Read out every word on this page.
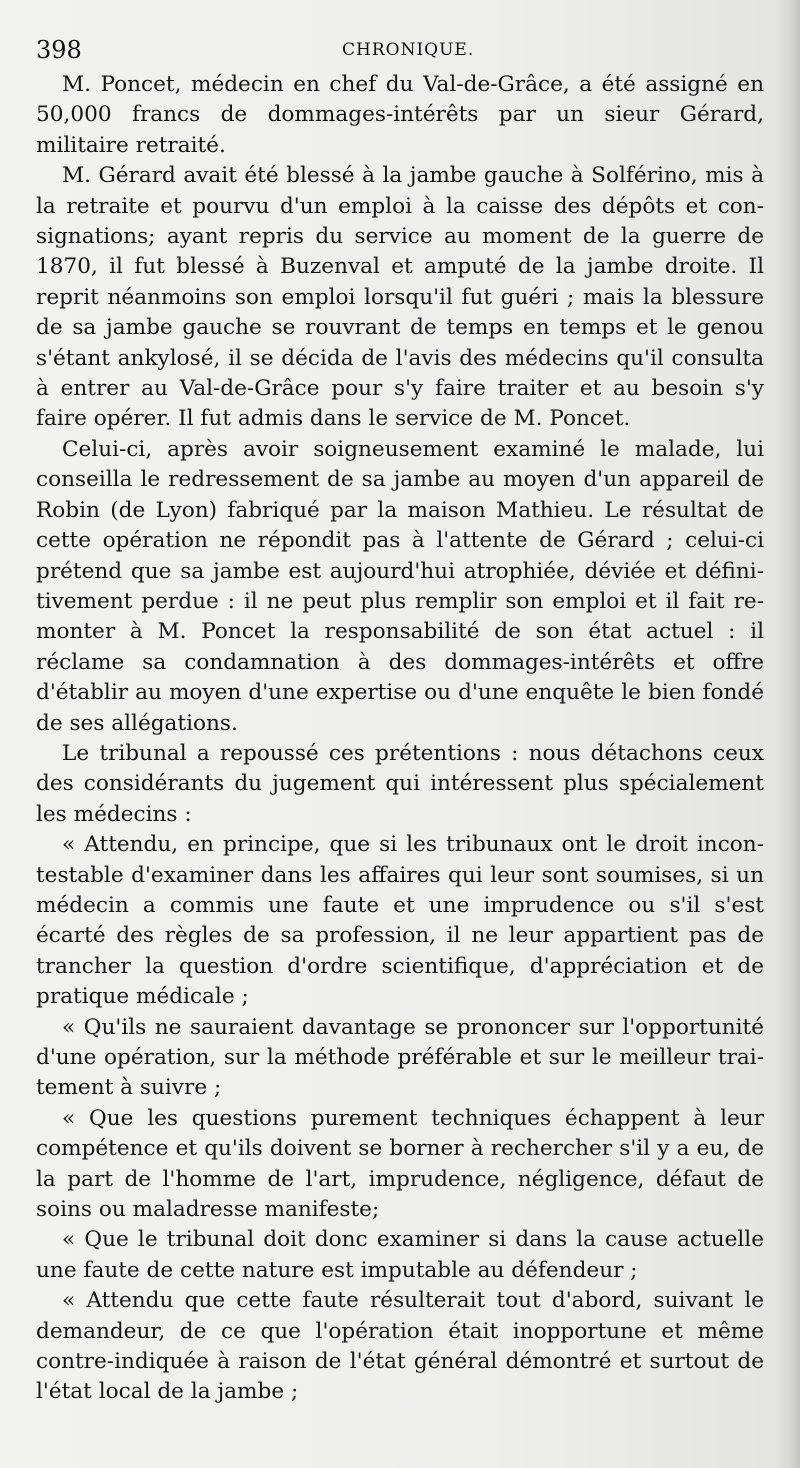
398	CHRONIQUE.

M. Poncet, médecin en chef du Val-de-Grâce, a été assigné en 50,000 francs de dommages-intérêts par un sieur Gérard, militaire retraité.

M. Gérard avait été blessé à la jambe gauche à Solférino, mis à la retraite et pourvu d'un emploi à la caisse des dépôts et consignations; ayant repris du service au moment de la guerre de 1870, il fut blessé à Buzenval et amputé de la jambe droite. Il reprit néanmoins son emploi lorsqu'il fut guéri ; mais la blessure de sa jambe gauche se rouvrant de temps en temps et le genou s'étant ankylosé, il se décida de l'avis des médecins qu'il consulta à entrer au Val-de-Grâce pour s'y faire traiter et au besoin s'y faire opérer. Il fut admis dans le service de M. Poncet.

Celui-ci, après avoir soigneusement examiné le malade, lui conseilla le redressement de sa jambe au moyen d'un appareil de Robin (de Lyon) fabriqué par la maison Mathieu. Le résultat de cette opération ne répondit pas à l'attente de Gérard ; celui-ci prétend que sa jambe est aujourd'hui atrophiée, déviée et définitivement perdue : il ne peut plus remplir son emploi et il fait remonter à M. Poncet la responsabilité de son état actuel : il réclame sa condamnation à des dommages-intérêts et offre d'établir au moyen d'une expertise ou d'une enquête le bien fondé de ses allégations.

Le tribunal a repoussé ces prétentions : nous détachons ceux des considérants du jugement qui intéressent plus spécialement les médecins :

« Attendu, en principe, que si les tribunaux ont le droit incontestable d'examiner dans les affaires qui leur sont soumises, si un médecin a commis une faute et une imprudence ou s'il s'est écarté des règles de sa profession, il ne leur appartient pas de trancher la question d'ordre scientifique, d'appréciation et de pratique médicale ;

« Qu'ils ne sauraient davantage se prononcer sur l'opportunité d'une opération, sur la méthode préférable et sur le meilleur traitement à suivre ;

« Que les questions purement techniques échappent à leur compétence et qu'ils doivent se borner à rechercher s'il y a eu, de la part de l'homme de l'art, imprudence, négligence, défaut de soins ou maladresse manifeste;

« Que le tribunal doit donc examiner si dans la cause actuelle une faute de cette nature est imputable au défendeur ;

« Attendu que cette faute résulterait tout d'abord, suivant le demandeur, de ce que l'opération était inopportune et même contre-indiquée à raison de l'état général démontré et surtout de l'état local de la jambe ;
